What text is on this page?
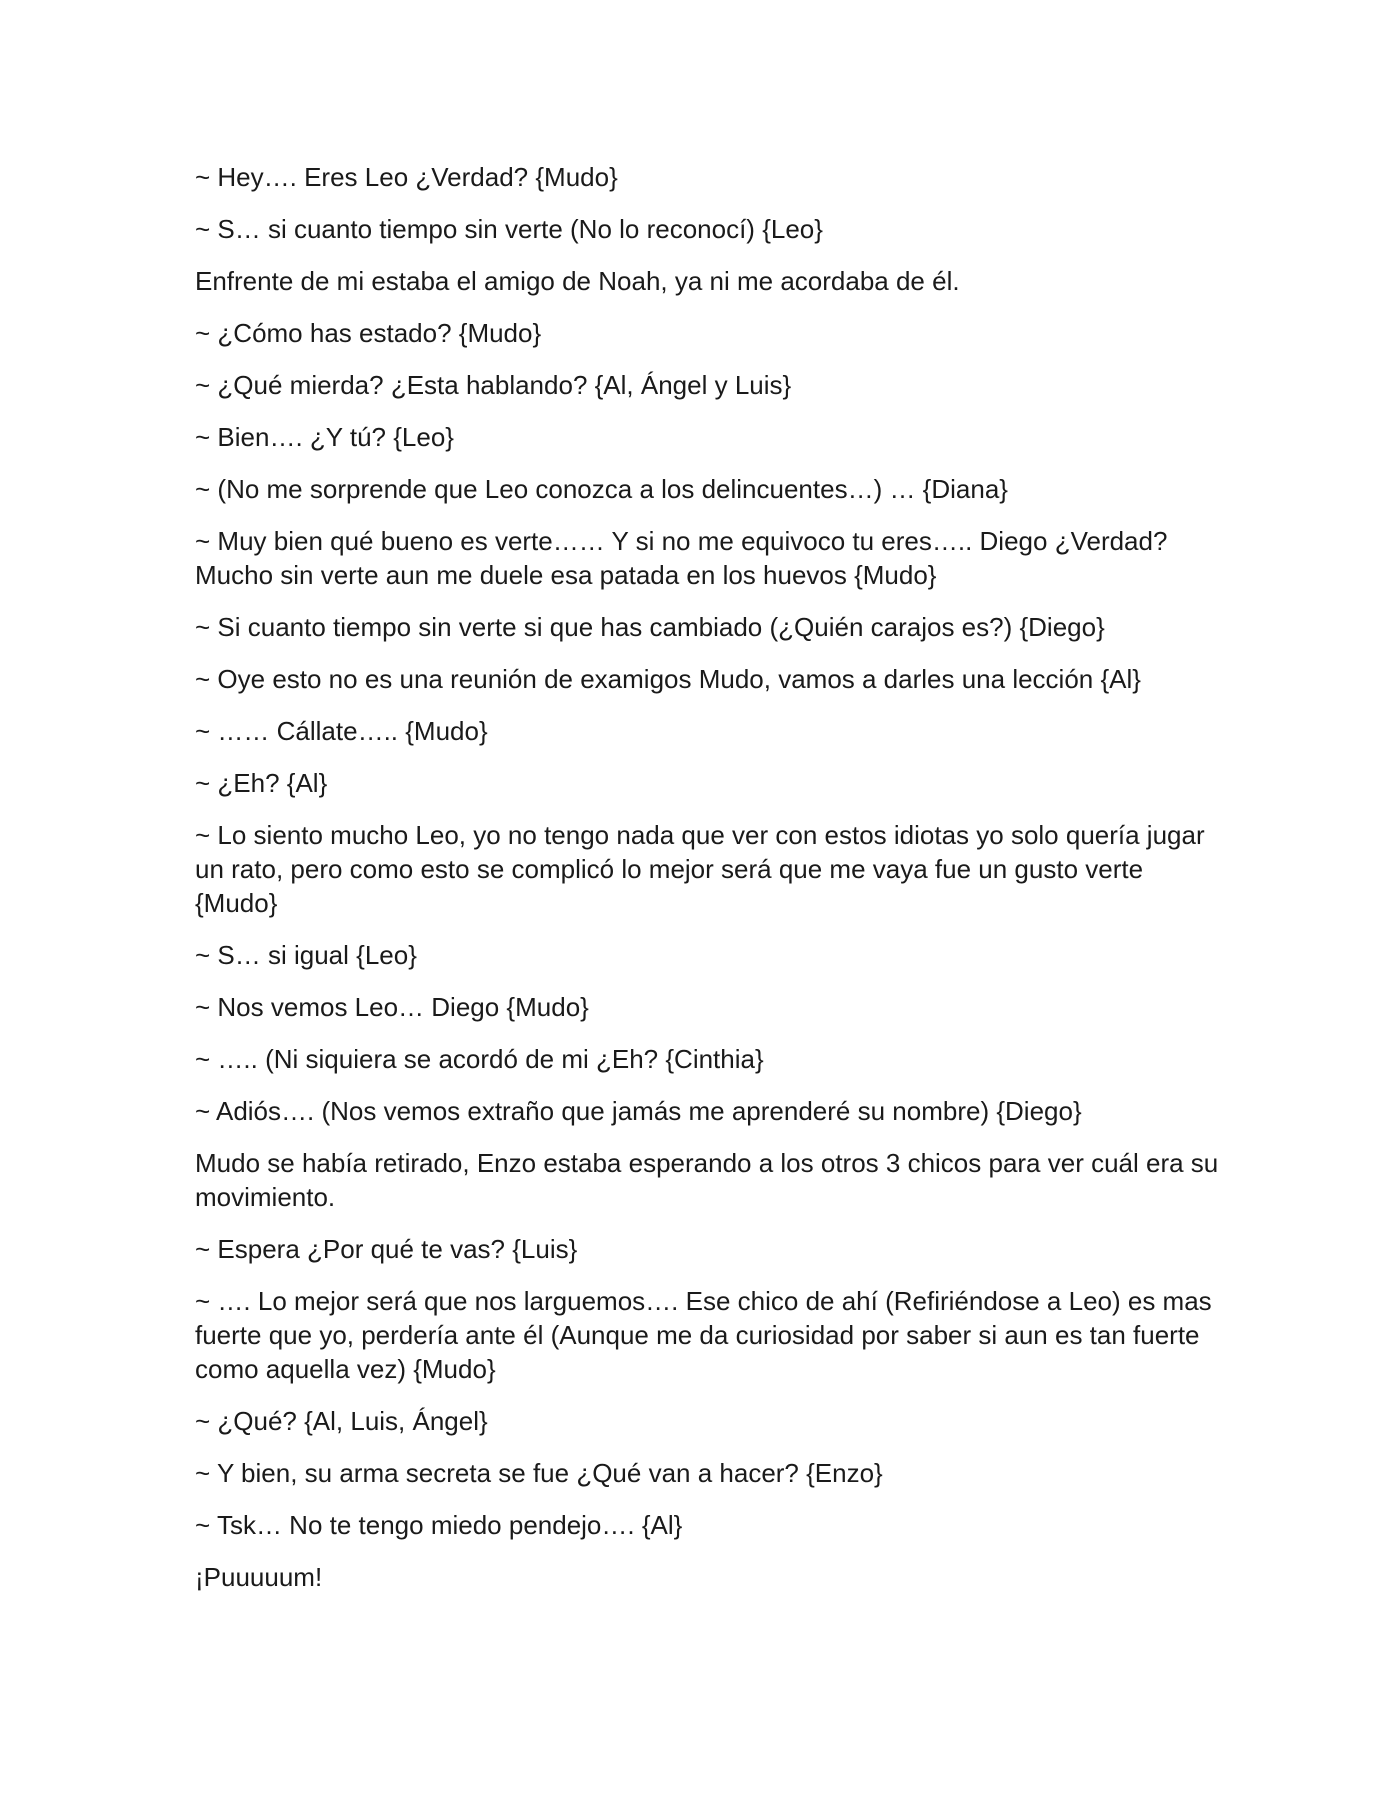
~ Hey…. Eres Leo ¿Verdad? {Mudo}

~ S… si cuanto tiempo sin verte (No lo reconocí) {Leo}

Enfrente de mi estaba el amigo de Noah, ya ni me acordaba de él.

~ ¿Cómo has estado? {Mudo}

~ ¿Qué mierda? ¿Esta hablando? {Al, Ángel y Luis}

~ Bien…. ¿Y tú? {Leo}

~ (No me sorprende que Leo conozca a los delincuentes…) … {Diana}

~ Muy bien qué bueno es verte…… Y si no me equivoco tu eres….. Diego ¿Verdad? Mucho sin verte aun me duele esa patada en los huevos {Mudo}

~ Si cuanto tiempo sin verte si que has cambiado (¿Quién carajos es?) {Diego}

~ Oye esto no es una reunión de examigos Mudo, vamos a darles una lección {Al}

~ …… Cállate….. {Mudo}

~ ¿Eh? {Al}

~ Lo siento mucho Leo, yo no tengo nada que ver con estos idiotas yo solo quería jugar un rato, pero como esto se complicó lo mejor será que me vaya fue un gusto verte {Mudo}

~ S… si igual {Leo}

~ Nos vemos Leo… Diego {Mudo}

~ ….. (Ni siquiera se acordó de mi ¿Eh? {Cinthia}

~ Adiós…. (Nos vemos extraño que jamás me aprenderé su nombre) {Diego}

Mudo se había retirado, Enzo estaba esperando a los otros 3 chicos para ver cuál era su movimiento.

~ Espera ¿Por qué te vas? {Luis}

~ …. Lo mejor será que nos larguemos…. Ese chico de ahí (Refiriéndose a Leo) es mas fuerte que yo, perdería ante él (Aunque me da curiosidad por saber si aun es tan fuerte como aquella vez) {Mudo}

~ ¿Qué? {Al, Luis, Ángel}

~ Y bien, su arma secreta se fue ¿Qué van a hacer? {Enzo}

~ Tsk… No te tengo miedo pendejo…. {Al}

¡Puuuuum!
